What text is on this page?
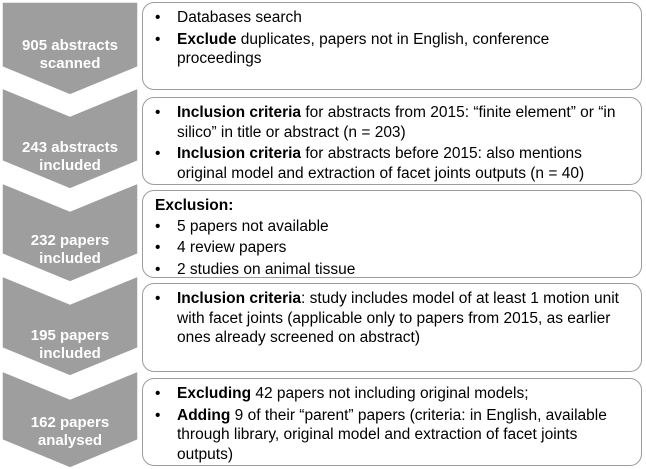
905 abstracts
scanned
• Databases search
• Exclude duplicates, papers not in English, conference proceedings
243 abstracts
included
• Inclusion criteria for abstracts from 2015: “finite element” or “in silico” in title or abstract (n = 203)
• Inclusion criteria for abstracts before 2015: also mentions original model and extraction of facet joints outputs (n = 40)
232 papers
included
Exclusion:
• 5 papers not available
• 4 review papers
• 2 studies on animal tissue
195 papers
included
• Inclusion criteria: study includes model of at least 1 motion unit with facet joints (applicable only to papers from 2015, as earlier ones already screened on abstract)
162 papers
analysed
• Excluding 42 papers not including original models;
• Adding 9 of their “parent” papers (criteria: in English, available through library, original model and extraction of facet joints outputs)
